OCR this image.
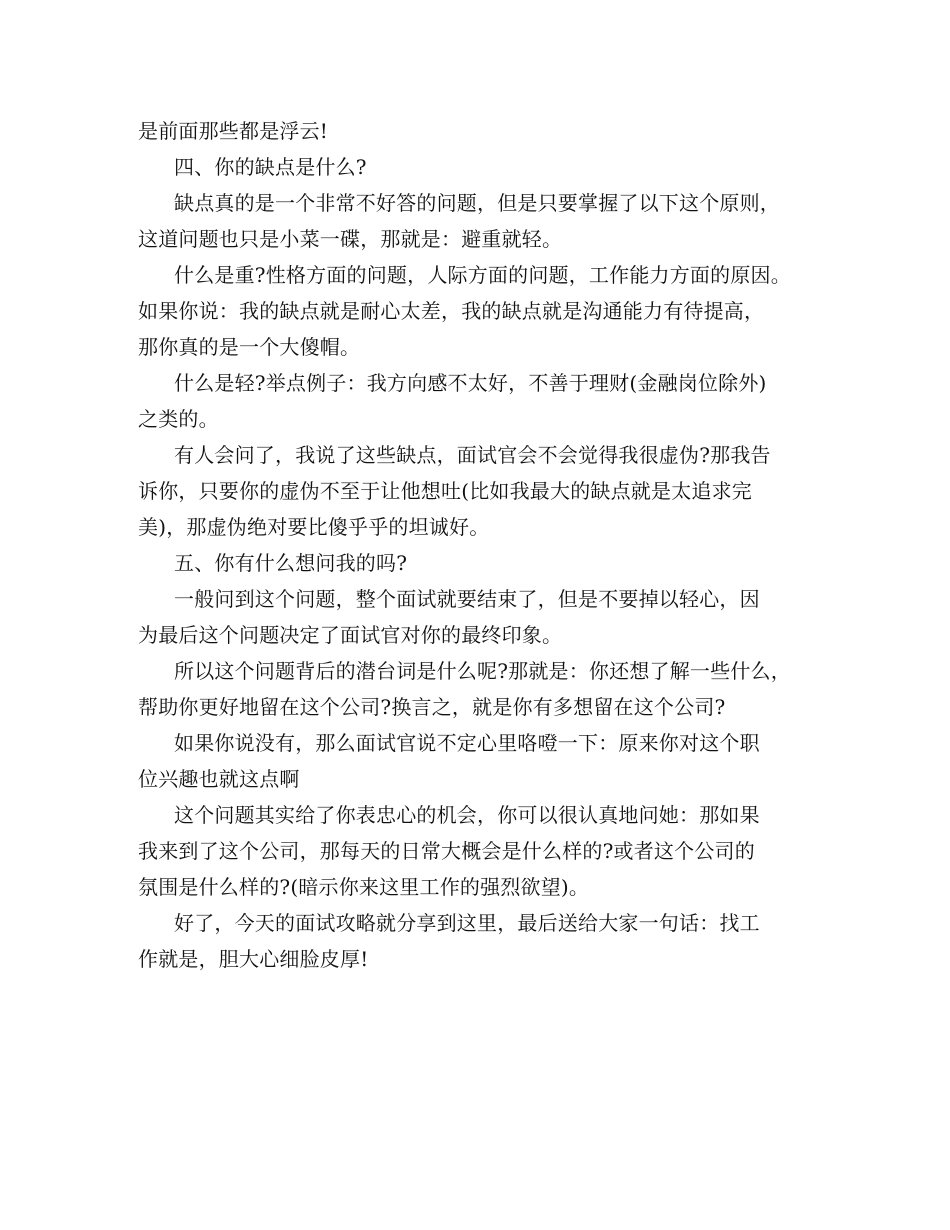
是前面那些都是浮云!
四、你的缺点是什么?
缺点真的是一个非常不好答的问题，但是只要掌握了以下这个原则，
这道问题也只是小菜一碟，那就是：避重就轻。
什么是重?性格方面的问题，人际方面的问题，工作能力方面的原因。
如果你说：我的缺点就是耐心太差，我的缺点就是沟通能力有待提高，
那你真的是一个大傻帽。
什么是轻?举点例子：我方向感不太好，不善于理财(金融岗位除外)
之类的。
有人会问了，我说了这些缺点，面试官会不会觉得我很虚伪?那我告
诉你，只要你的虚伪不至于让他想吐(比如我最大的缺点就是太追求完
美)，那虚伪绝对要比傻乎乎的坦诚好。
五、你有什么想问我的吗?
一般问到这个问题，整个面试就要结束了，但是不要掉以轻心，因
为最后这个问题决定了面试官对你的最终印象。
所以这个问题背后的潜台词是什么呢?那就是：你还想了解一些什么，
帮助你更好地留在这个公司?换言之，就是你有多想留在这个公司?
如果你说没有，那么面试官说不定心里咯噔一下：原来你对这个职
位兴趣也就这点啊
这个问题其实给了你表忠心的机会，你可以很认真地问她：那如果
我来到了这个公司，那每天的日常大概会是什么样的?或者这个公司的
氛围是什么样的?(暗示你来这里工作的强烈欲望)。
好了，今天的面试攻略就分享到这里，最后送给大家一句话：找工
作就是，胆大心细脸皮厚!
